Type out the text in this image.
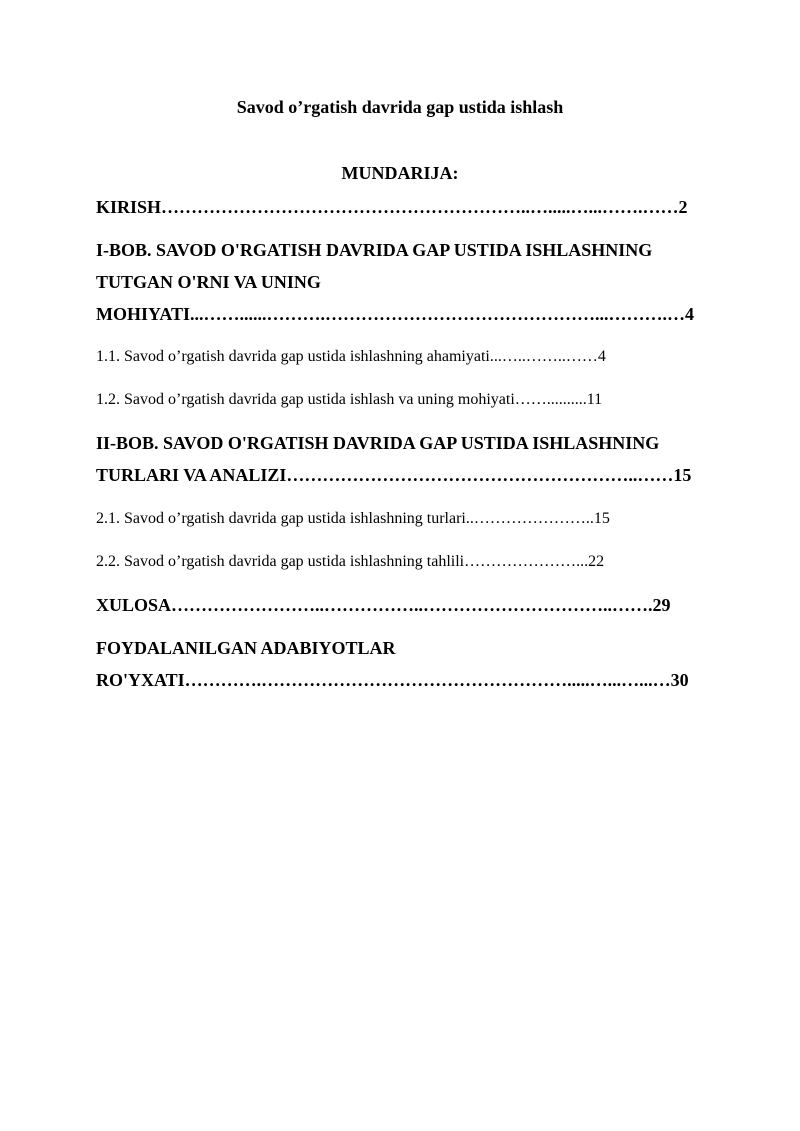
Savod o’rgatish davrida gap ustida ishlash
MUNDARIJA:
KIRISH……………………………………………………..….....…...…….……2
I-BOB. SAVOD O'RGATISH DAVRIDA GAP USTIDA ISHLASHNING
TUTGAN O'RNI VA UNING
MOHIYATI...……......……….………………………………………...……….…4
1.1. Savod o’rgatish davrida gap ustida ishlashning ahamiyati...…..……..……4
1.2. Savod o’rgatish davrida gap ustida ishlash va uning mohiyati……..........11
II-BOB. SAVOD O'RGATISH DAVRIDA GAP USTIDA ISHLASHNING
TURLARI VA ANALIZI…………………………………………………..……15
2.1. Savod o’rgatish davrida gap ustida ishlashning turlari..…………………..15
2.2. Savod o’rgatish davrida gap ustida ishlashning tahlili…………………...22
XULOSA……………………..……………..…………………………..…….29
FOYDALANILGAN ADABIYOTLAR
RO'YXATI………….…………………………………………….....…...…...…30
